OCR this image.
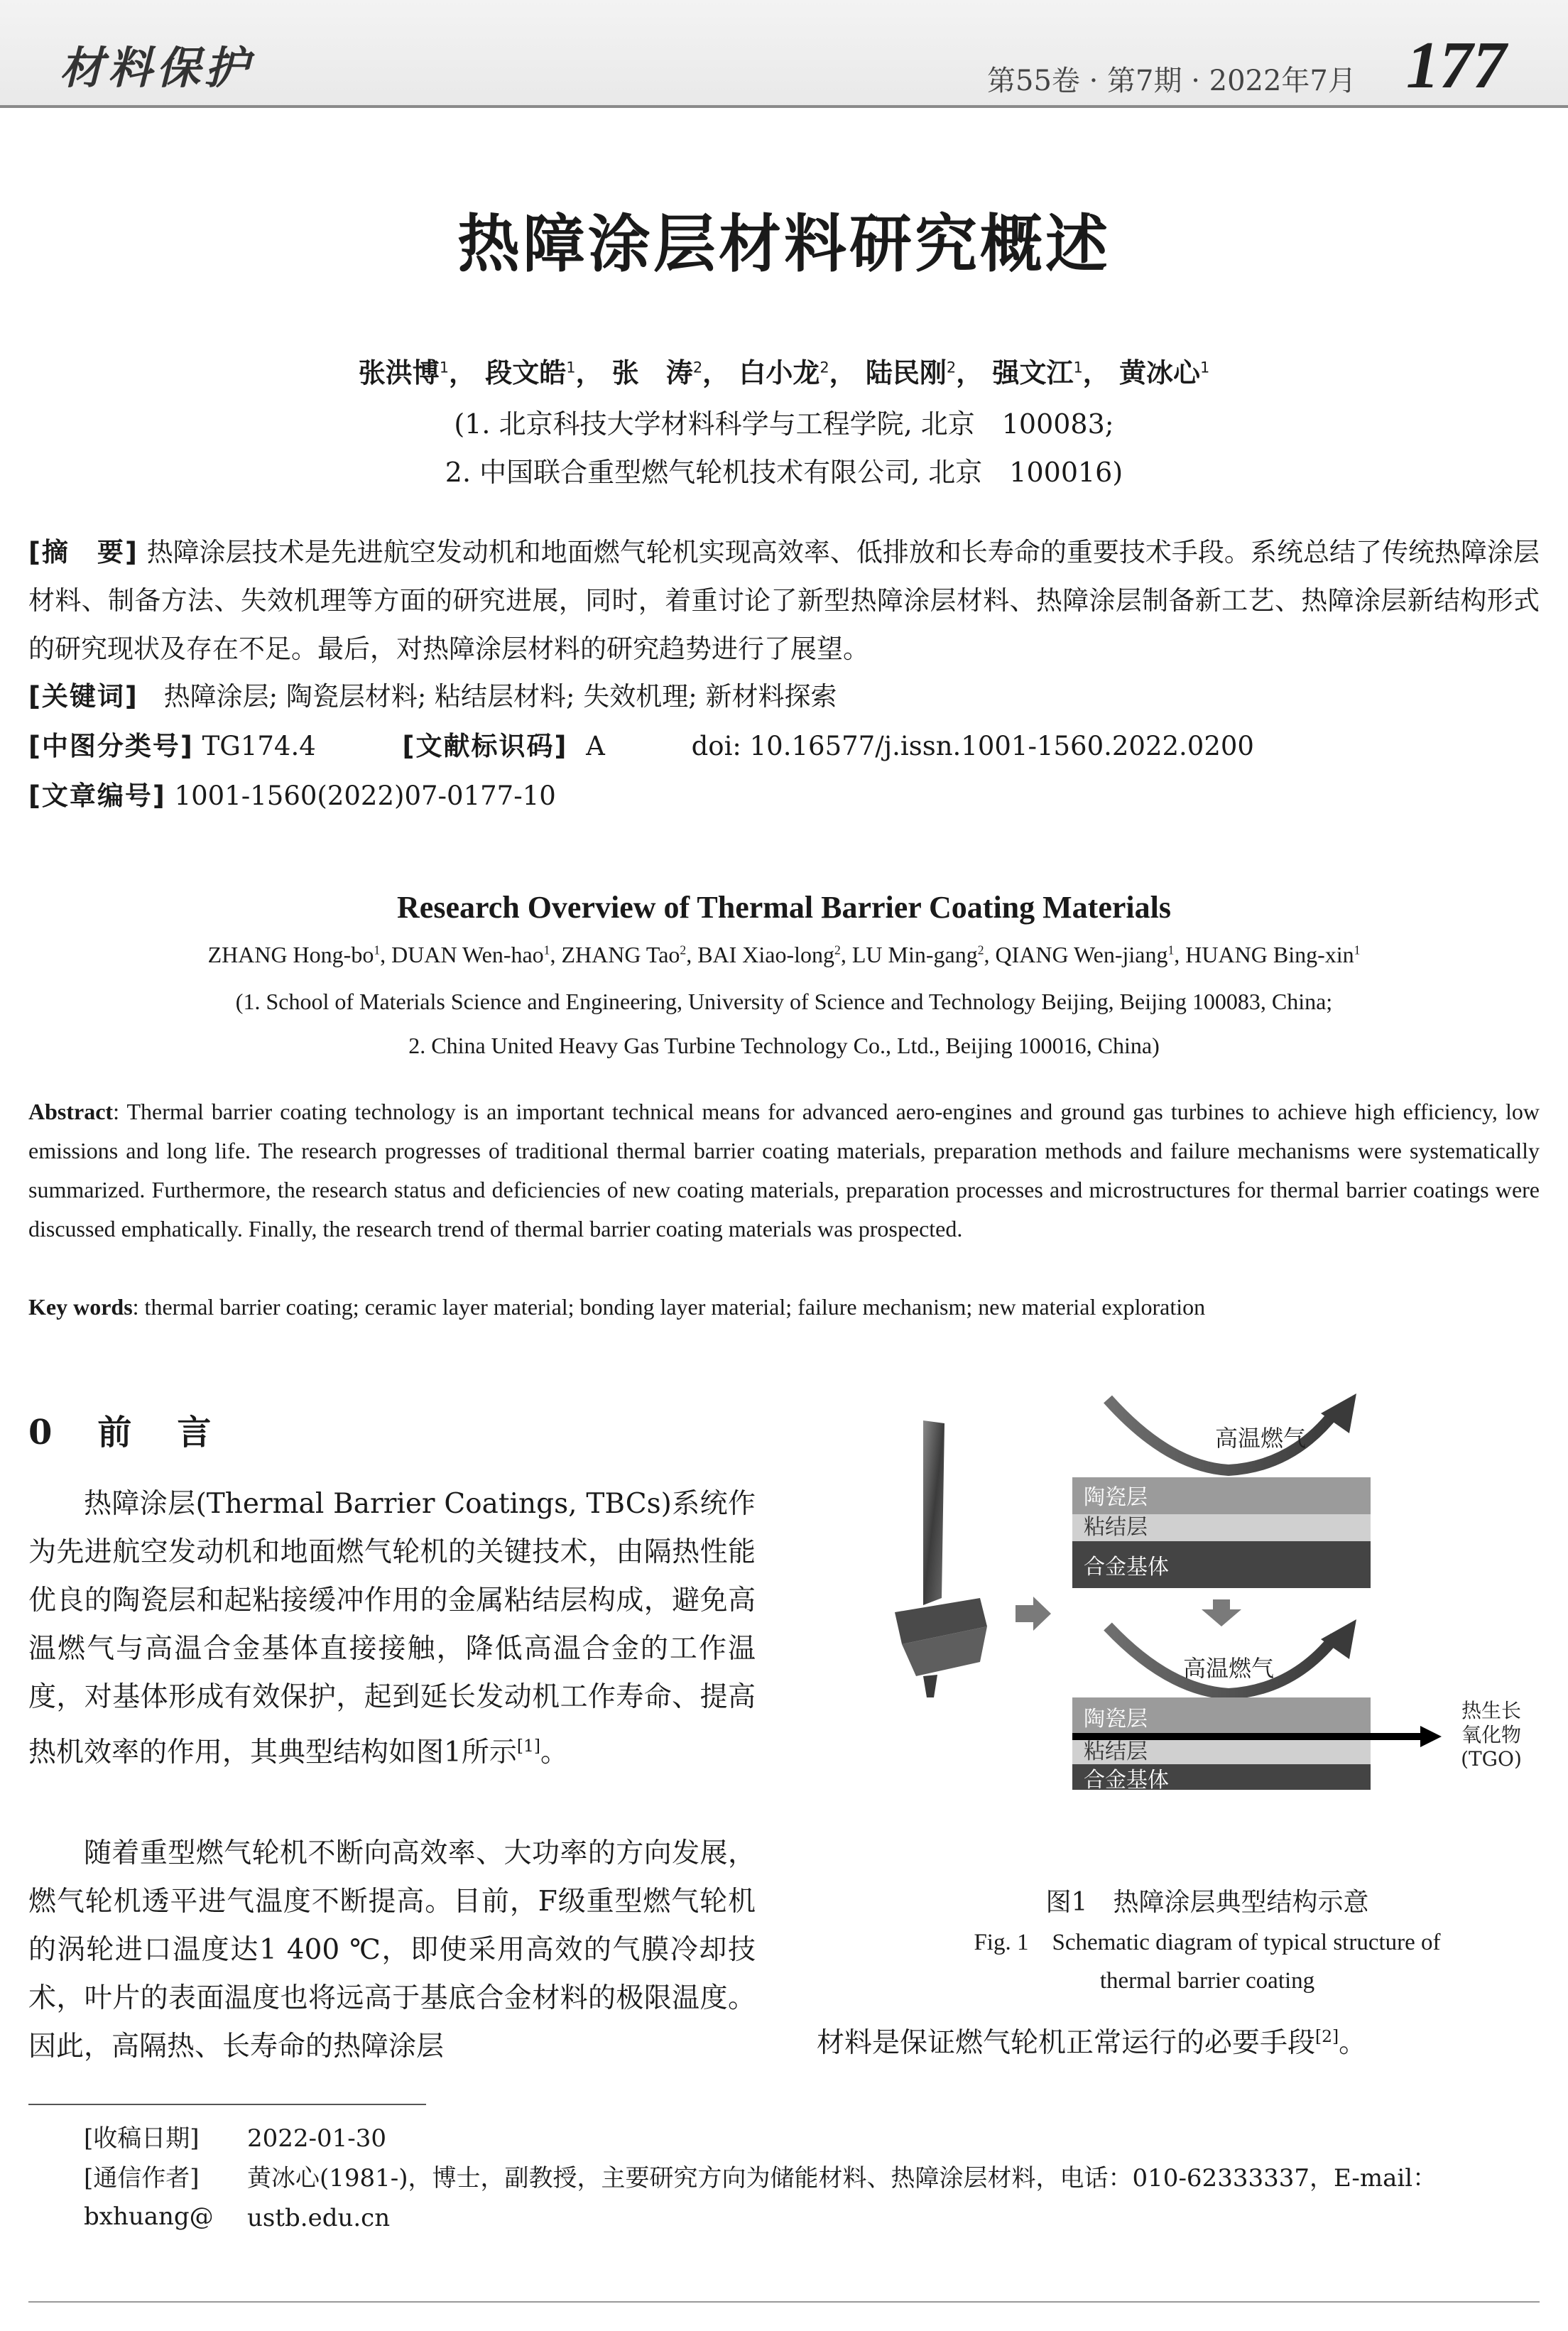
材料保护	第55卷 · 第7期 · 2022年7月 177
热障涂层材料研究概述
张洪博$^1$， 段文皓$^1$， 张　涛$^2$， 白小龙$^2$， 陆民刚$^2$， 强文江$^1$， 黄冰心$^1$
(1. 北京科技大学材料科学与工程学院, 北京　100083;
2. 中国联合重型燃气轮机技术有限公司, 北京　100016)
[摘　要] 热障涂层技术是先进航空发动机和地面燃气轮机实现高效率、低排放和长寿命的重要技术手段。系统总结了传统热障涂层材料、制备方法、失效机理等方面的研究进展，同时，着重讨论了新型热障涂层材料、热障涂层制备新工艺、热障涂层新结构形式的研究现状及存在不足。最后，对热障涂层材料的研究趋势进行了展望。
[关键词] 热障涂层; 陶瓷层材料; 粘结层材料; 失效机理; 新材料探索
[中图分类号] TG174.4	[文献标识码] A	doi: 10.16577/j.issn.1001-1560.2022.0200
[文章编号] 1001-1560(2022)07-0177-10
Research Overview of Thermal Barrier Coating Materials
ZHANG Hong-$bo^1$, DUAN Wen-hao$^1$, ZHANG Tao$^2$, BAI Xiao-long$^2$, LU Min-gang$^2$, QIANG Wen-jiang$^1$, HUANG Bing-xin$^1$
(1. School of Materials Science and Engineering, University of Science and Technology Beijing, Beijing 100083, China;
2. China United Heavy Gas Turbine Technology Co., Ltd., Beijing 100016, China)
Abstract: Thermal barrier coating technology is an important technical means for advanced aero-engines and ground gas turbines to achieve high efficiency, low emissions and long life. The research progresses of traditional thermal barrier coating materials, preparation methods and failure mechanisms were systematically summarized. Furthermore, the research status and deficiencies of new coating materials, preparation processes and microstructures for thermal barrier coatings were discussed emphatically. Finally, the research trend of thermal barrier coating materials was prospected.
Key words: thermal barrier coating; ceramic layer material; bonding layer material; failure mechanism; new material exploration
0　前　言
热障涂层(Thermal Barrier Coatings, TBCs)系统作为先进航空发动机和地面燃气轮机的关键技术，由隔热性能优良的陶瓷层和起粘接缓冲作用的金属粘结层构成，避免高温燃气与高温合金基体直接接触，降低高温合金的工作温度，对基体形成有效保护，起到延长发动机工作寿命、提高热机效率的作用，其典型结构如图1所示[1]。
随着重型燃气轮机不断向高效率、大功率的方向发展，燃气轮机透平进气温度不断提高。目前，F级重型燃气轮机的涡轮进口温度达1 400 ℃，即使采用高效的气膜冷却技术，叶片的表面温度也将远高于基底合金材料的极限温度。因此，高隔热、长寿命的热障涂层	材料是保证燃气轮机正常运行的必要手段[2]。
高温燃气
陶瓷层
粘结层
合金基体
高温燃气
陶瓷层
粘结层
合金基体
热生长
氧化物
(TGO)
图1　热障涂层典型结构示意
Fig. 1　Schematic diagram of typical structure of
thermal barrier coating
[收稿日期] 2022-01-30
[通信作者] 黄冰心(1981-)，博士，副教授，主要研究方向为储能材料、热障涂层材料，电话：010-62333337，E-mail：bxhuang@	ustb.edu.cn
